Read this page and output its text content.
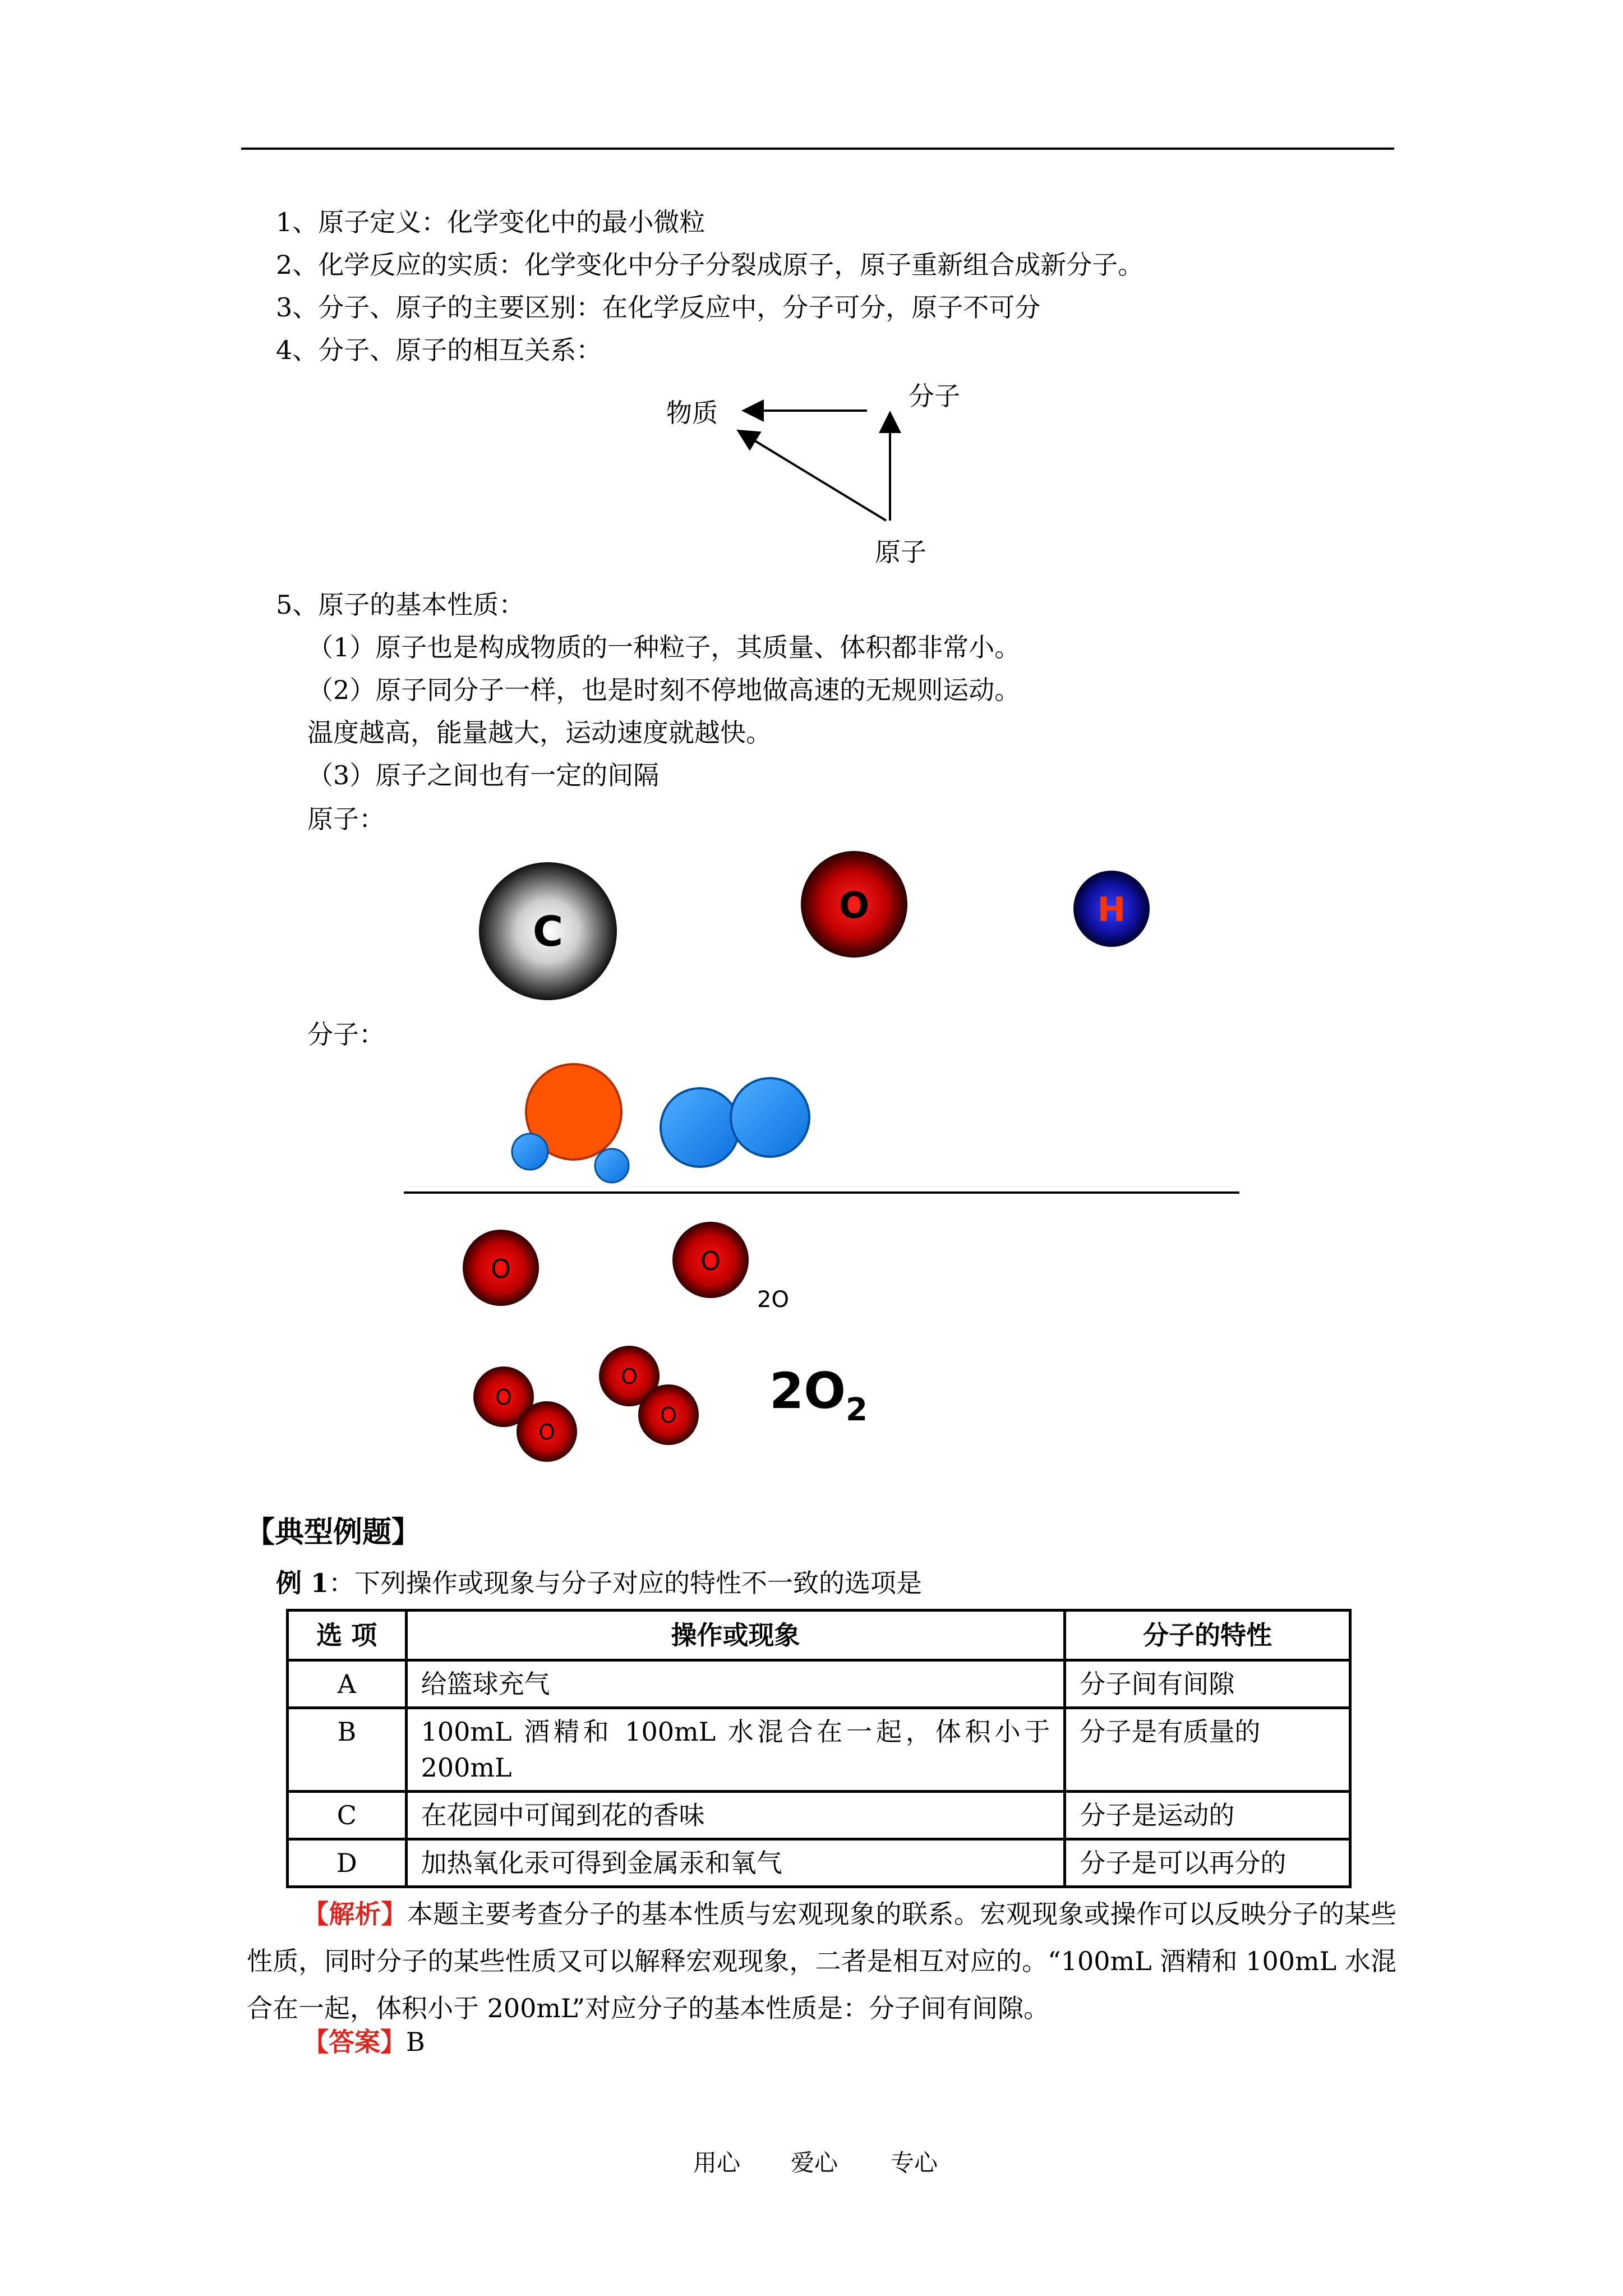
1、原子定义：化学变化中的最小微粒
2、化学反应的实质：化学变化中分子分裂成原子，原子重新组合成新分子。
3、分子、原子的主要区别：在化学反应中，分子可分，原子不可分
4、分子、原子的相互关系：
物质
分子
原子
5、原子的基本性质：
（1）原子也是构成物质的一种粒子，其质量、体积都非常小。
（2）原子同分子一样，也是时刻不停地做高速的无规则运动。
温度越高，能量越大，运动速度就越快。
（3）原子之间也有一定的间隔
原子：
C
O	H
分子：
O	O
2O
O
O
O
O $2O_2$
【典型例题】
例 1：下列操作或现象与分子对应的特性不一致的选项是
选 项	操作或现象	分子的特性
A	给篮球充气	分子间有间隙
B	100mL 酒精和 100mL 水混合在一起，体积小于200mL	分子是有质量的
C	在花园中可闻到花的香味	分子是运动的
D	加热氧化汞可得到金属汞和氧气	分子是可以再分的
【解析】本题主要考查分子的基本性质与宏观现象的联系。宏观现象或操作可以反映分子的某些性质，同时分子的某些性质又可以解释宏观现象，二者是相互对应的。“100mL 酒精和 100mL 水混合在一起，体积小于 200mL”对应分子的基本性质是：分子间有间隙。
【答案】B
用心 爱心 专心
